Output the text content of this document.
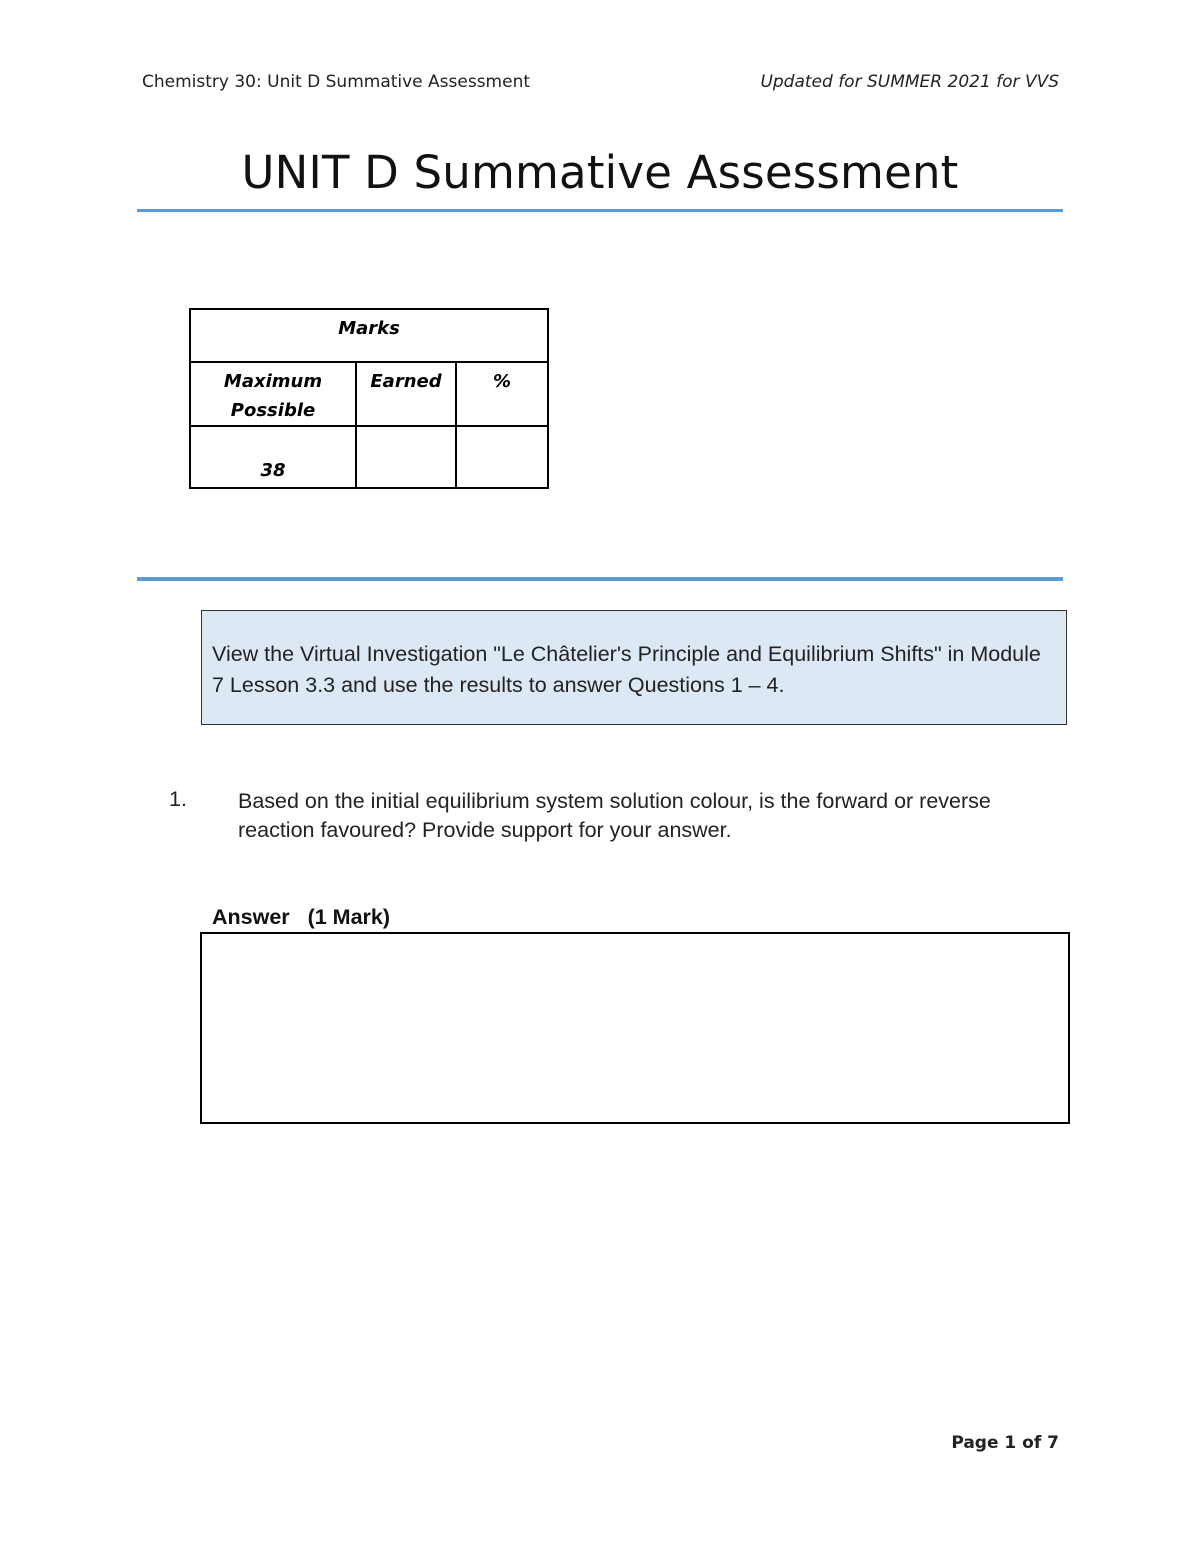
Chemistry 30: Unit D Summative Assessment	Updated for SUMMER 2021 for VVS
UNIT D Summative Assessment
Marks		
Maximum Possible	Earned	%
38		
View the Virtual Investigation "Le Châtelier's Principle and Equilibrium Shifts" in Module 7 Lesson 3.3 and use the results to answer Questions 1 – 4.
1. Based on the initial equilibrium system solution colour, is the forward or reverse reaction favoured? Provide support for your answer.
Answer   (1 Mark)
Page 1 of 7
